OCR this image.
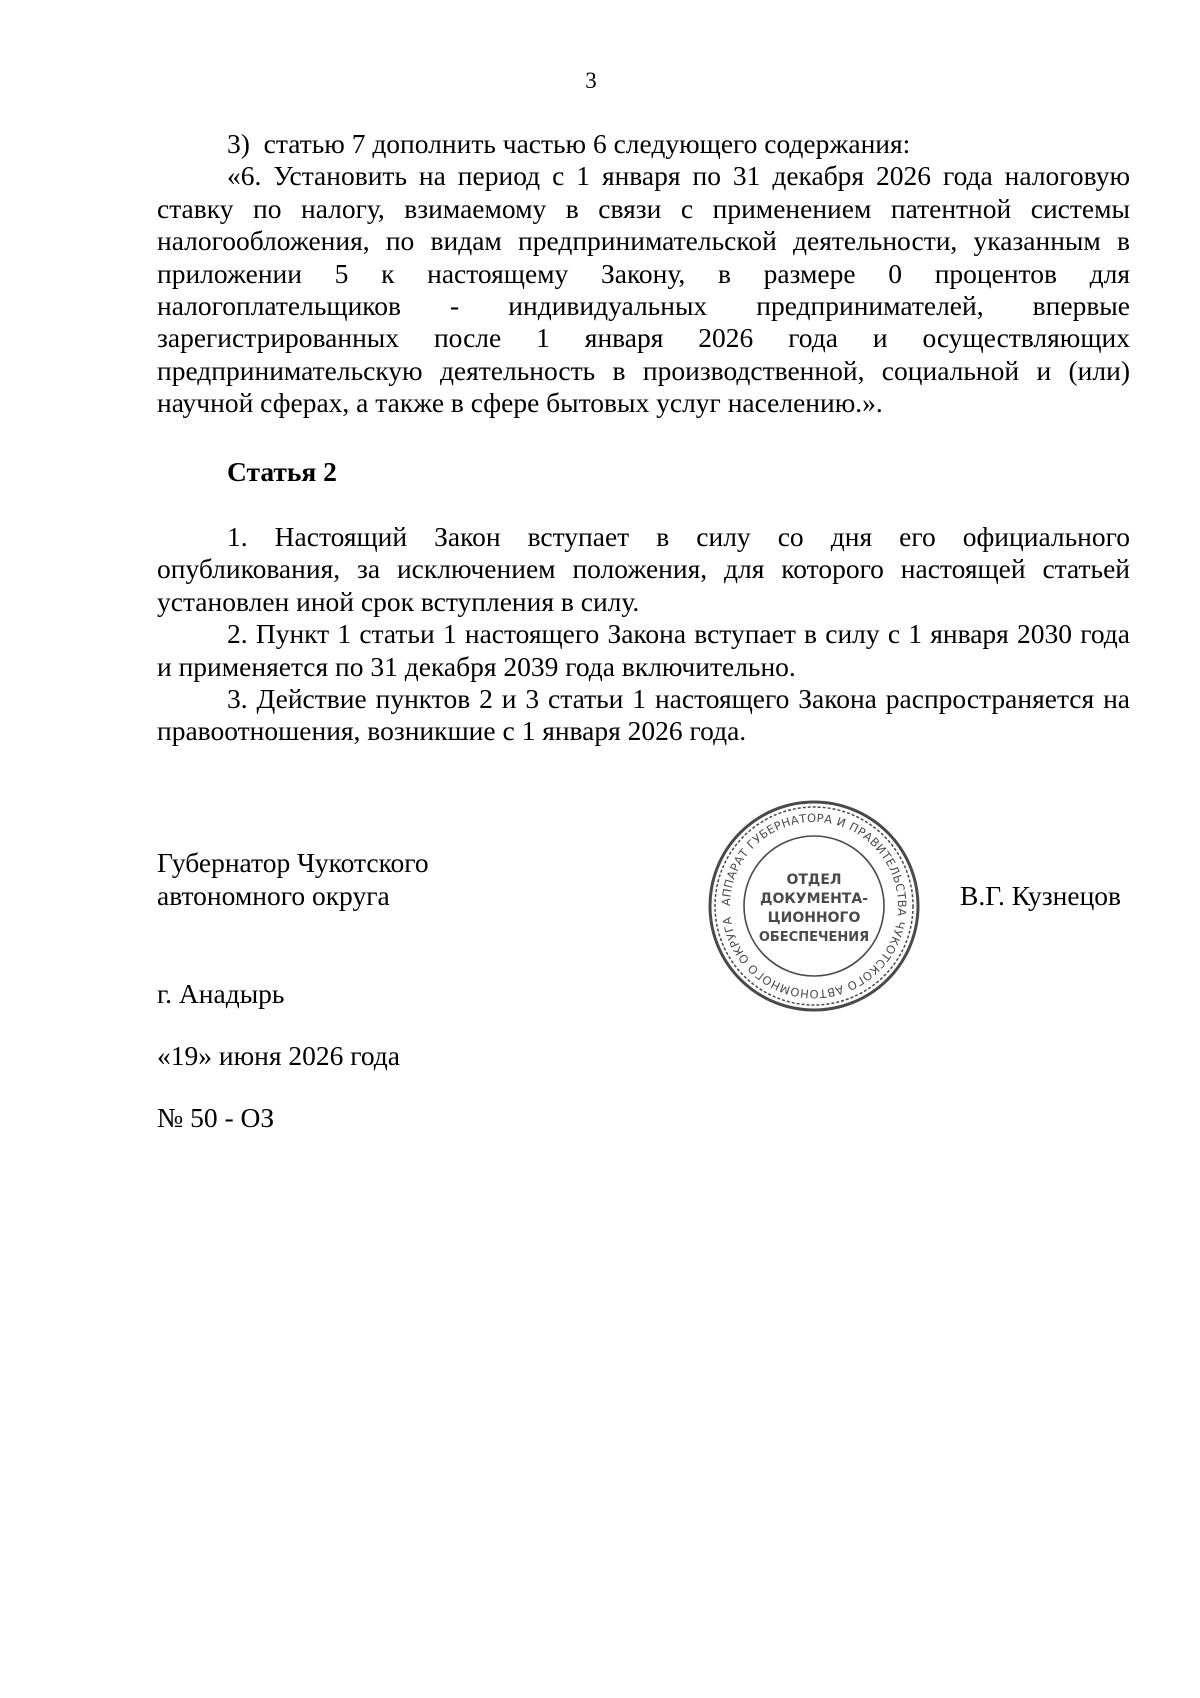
3

3)  статью 7 дополнить частью 6 следующего содержания:

«6. Установить на период с 1 января по 31 декабря 2026 года налоговую ставку по налогу, взимаемому в связи с применением патентной системы налогообложения, по видам предпринимательской деятельности, указанным в приложении 5 к настоящему Закону, в размере 0 процентов для налогоплательщиков - индивидуальных предпринимателей, впервые зарегистрированных после 1 января 2026 года и осуществляющих предпринимательскую деятельность в производственной, социальной и (или) научной сферах, а также в сфере бытовых услуг населению.».

Статья 2

1. Настоящий Закон вступает в силу со дня его официального опубликования, за исключением положения, для которого настоящей статьей установлен иной срок вступления в силу.

2. Пункт 1 статьи 1 настоящего Закона вступает в силу с 1 января 2030 года и применяется по 31 декабря 2039 года включительно.

3. Действие пунктов 2 и 3 статьи 1 настоящего Закона распространяется на правоотношения, возникшие с 1 января 2026 года.

Губернатор Чукотского
автономного округа	АППАРАТ ГУБЕРНАТОРА И ПРАВИТЕЛЬСТВА ЧУКОТСКОГО АВТОНОМНОГО ОКРУГА
ОТДЕЛ
ДОКУМЕНТА-
ЦИОННОГО
ОБЕСПЕЧЕНИЯ
В.Г. Кузнецов
г. Анадырь
«19» июня 2026 года
№ 50 - ОЗ
